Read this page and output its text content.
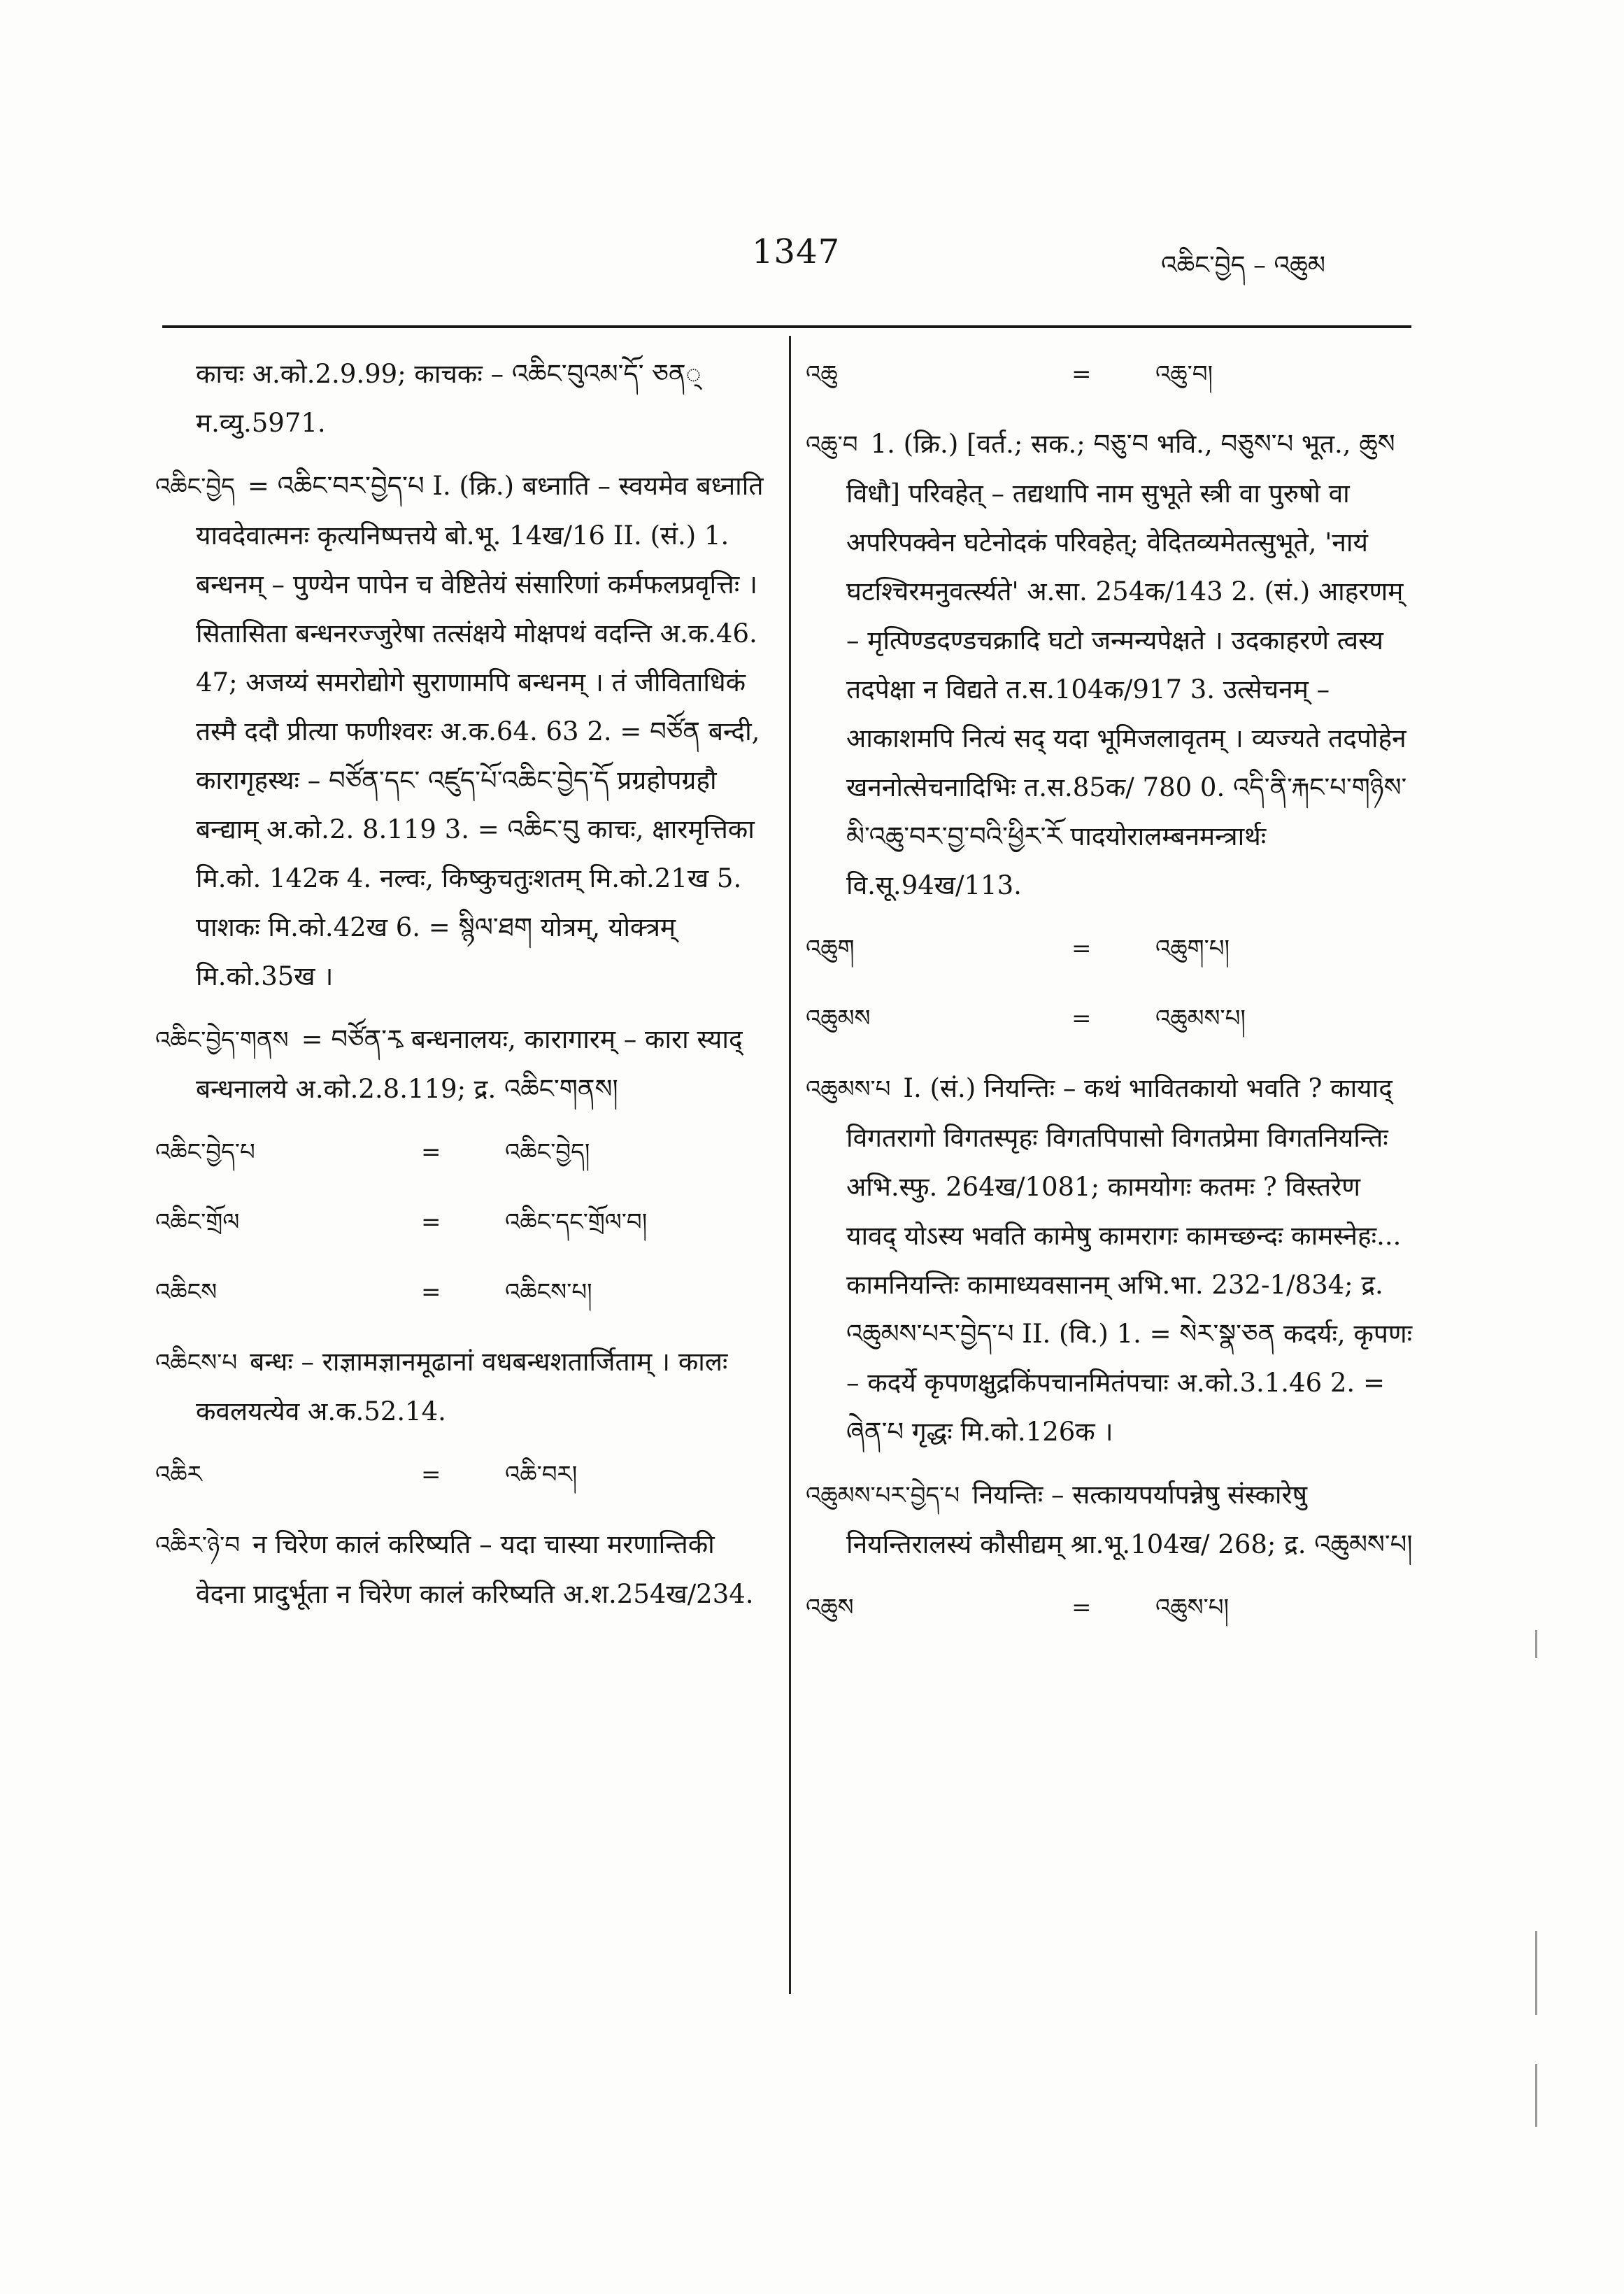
1347	འཆིང་བྱེད – འཆུམ
काचः अ.को.2.9.99; काचकः – འཆིང་བུའམ་དོ་ ཅན् म.व्यु.5971.
འཆིང་བྱེད = འཆིང་བར་བྱེད་པ I. (क्रि.) बध्नाति – स्वयमेव बध्नाति यावदेवात्मनः कृत्यनिष्पत्तये बो.भू. 14ख/16 II. (सं.) 1. बन्धनम् – पुण्येन पापेन च वेष्टितेयं संसारिणां कर्मफलप्रवृत्तिः । सितासिता बन्धनरज्जुरेषा तत्संक्षये मोक्षपथं वदन्ति अ.क.46. 47; अजय्यं समरोद्योगे सुराणामपि बन्धनम् । तं जीविताधिकं तस्मै ददौ प्रीत्या फणीश्वरः अ.क.64. 63 2. = བཙོན बन्दी, कारागृहस्थः – བཙོན་དང་ འཛུད་པོ་འཆིང་བྱེད་དོ प्रग्रहोपग्रहौ बन्द्याम् अ.को.2. 8.119 3. = འཆིང་བུ काचः, क्षारमृत्तिका मि.को. 142क 4. नल्वः, किष्कुचतुःशतम् मि.को.21ख 5. पाशकः मि.को.42ख 6. = སྙིལ་ཐག योत्रम्, योक्त्रम् मि.को.35ख ।
འཆིང་བྱེད་གནས = བཙོན་རྭ बन्धनालयः, कारागारम् – कारा स्याद् बन्धनालये अ.को.2.8.119; द्र. འཆིང་གནས།
འཆིང་བྱེད་པ	=	འཆིང་བྱེད།
འཆིང་གྲོལ	=	འཆིང་དང་གྲོལ་བ།
འཆིངས	=	འཆིངས་པ།
འཆིངས་པ बन्धः – राज्ञामज्ञानमूढानां वधबन्धशतार्जिताम् । कालः कवलयत्येव अ.क.52.14.
འཆིར	=	འཆི་བར།
འཆིར་ཉེ་བ न चिरेण कालं करिष्यति – यदा चास्या मरणान्तिकी वेदना प्रादुर्भूता न चिरेण कालं करिष्यति अ.श.254ख/234.
འཆུ	=	འཆུ་བ།
འཆུ་བ 1. (क्रि.) [वर्त.; सक.; བཅུ་བ भवि., བཅུས་པ भूत., ཆུས विधौ] परिवहेत् – तद्यथापि नाम सुभूते स्त्री वा पुरुषो वा अपरिपक्वेन घटेनोदकं परिवहेत्; वेदितव्यमेतत्सुभूते, 'नायं घटश्चिरमनुवर्त्स्यते' अ.सा. 254क/143 2. (सं.) आहरणम् – मृत्पिण्डदण्डचक्रादि घटो जन्मन्यपेक्षते । उदकाहरणे त्वस्य तदपेक्षा न विद्यते त.स.104क/917 3. उत्सेचनम् – आकाशमपि नित्यं सद् यदा भूमिजलावृतम् । व्यज्यते तदपोहेन खननोत्सेचनादिभिः त.स.85क/ 780 0. འདི་ནི་རྐང་པ་གཉིས་མི་འཆུ་བར་བྱ་བའི་ཕྱིར་རོ पादयोरालम्बनमन्त्रार्थः वि.सू.94ख/113.
འཆུག	=	འཆུག་པ།
འཆུམས	=	འཆུམས་པ།
འཆུམས་པ I. (सं.) नियन्तिः – कथं भावितकायो भवति ? कायाद् विगतरागो विगतस्पृहः विगतपिपासो विगतप्रेमा विगतनियन्तिः अभि.स्फु. 264ख/1081; कामयोगः कतमः ? विस्तरेण यावद् योऽस्य भवति कामेषु कामरागः कामच्छन्दः कामस्नेहः... कामनियन्तिः कामाध्यवसानम् अभि.भा. 232-1/834; द्र. འཆུམས་པར་བྱེད་པ II. (वि.) 1. = སེར་སྣ་ཅན कदर्यः, कृपणः – कदर्ये कृपणक्षुद्रकिंपचानमितंपचाः अ.को.3.1.46 2. = ཞེན་པ गृद्धः मि.को.126क ।
འཆུམས་པར་བྱེད་པ नियन्तिः – सत्कायपर्यापन्नेषु संस्कारेषु नियन्तिरालस्यं कौसीद्यम् श्रा.भू.104ख/ 268; द्र. འཆུམས་པ།
འཆུས	=	འཆུས་པ།
